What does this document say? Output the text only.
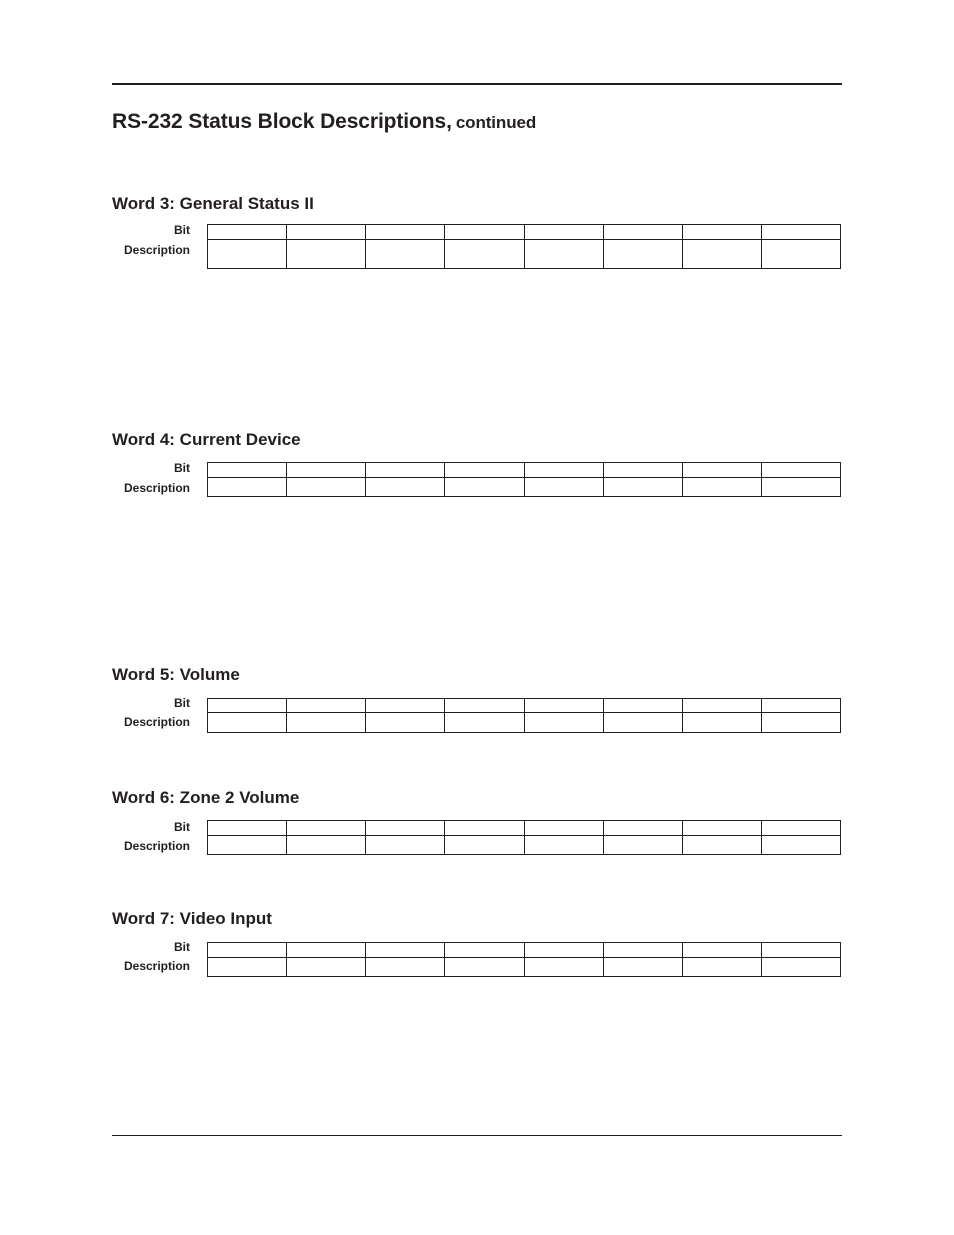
RS-232 Status Block Descriptions, continued
Word 3: General Status II
Bit
Description
Word 4: Current Device
Bit
Description
Word 5: Volume
Bit
Description
Word 6: Zone 2 Volume
Bit
Description
Word 7: Video Input
Bit
Description
